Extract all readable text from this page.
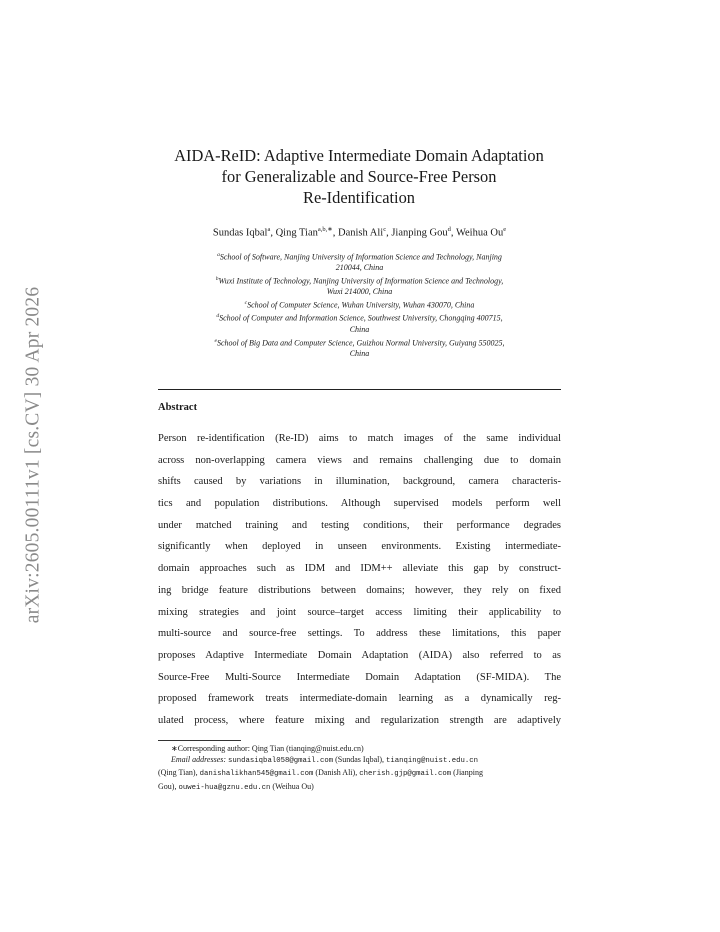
arXiv:2605.00111v1 [cs.CV] 30 Apr 2026
AIDA-ReID: Adaptive Intermediate Domain Adaptation
for Generalizable and Source-Free Person
Re-Identification
Sundas Iqbal$^a$, Qing Tian$^{a,b,∗}$, Danish Ali$^c$, Jianping Gou$^d$, Weihua Ou$^e$
$^a$School of Software, Nanjing University of Information Science and Technology, Nanjing
210044, China
$^b$Wuxi Institute of Technology, Nanjing University of Information Science and Technology,
Wuxi 214000, China
$^c$School of Computer Science, Wuhan University, Wuhan 430070, China
$^d$School of Computer and Information Science, Southwest University, Chongqing 400715,
China
$^e$School of Big Data and Computer Science, Guizhou Normal University, Guiyang 550025,
China
Abstract
Person re-identification (Re-ID) aims to match images of the same individual
across non-overlapping camera views and remains challenging due to domain
shifts caused by variations in illumination, background, camera characteris-
tics and population distributions. Although supervised models perform well
under matched training and testing conditions, their performance degrades
significantly when deployed in unseen environments. Existing intermediate-
domain approaches such as IDM and IDM++ alleviate this gap by construct-
ing bridge feature distributions between domains; however, they rely on fixed
mixing strategies and joint source–target access limiting their applicability to
multi-source and source-free settings. To address these limitations, this paper
proposes Adaptive Intermediate Domain Adaptation (AIDA) also referred to as
Source-Free Multi-Source Intermediate Domain Adaptation (SF-MIDA). The
proposed framework treats intermediate-domain learning as a dynamically reg-
ulated process, where feature mixing and regularization strength are adaptively
∗Corresponding author: Qing Tian (tianqing@nuist.edu.cn)
Email addresses: sundasiqbal058@gmail.com (Sundas Iqbal), tianqing@nuist.edu.cn
(Qing Tian), danishalikhan545@gmail.com (Danish Ali), cherish.gjp@gmail.com (Jianping
Gou), ouwei-hua@gznu.edu.cn (Weihua Ou)
